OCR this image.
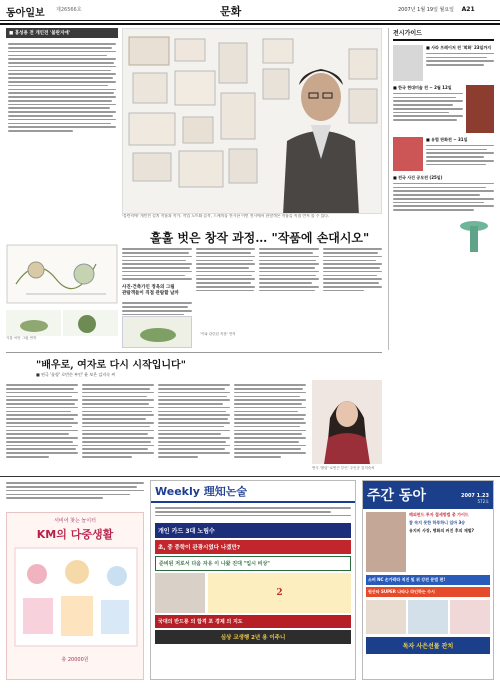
동아일보 제26566호	문화	2007년 1월 19일 월요일 A21
■ 홍성용 전 개인전 '불란지애'
'불란지애' 개인전 설치 작품과 작가. 작업 노트와 습작, 스케치를 전시한 이번 전시에서 관람객은 작품을 직접 만져 볼 수 있다.
훌훌 벗은 창작 과정… "작품에 손대시오"
식물 씨앗 그림 연작
사진·건축가인 정욱의 그림
관람객들이 직접 관람할 날까
'이와 관련된 작품' 연작
전시가이드
■ 사라 프레이저 전 '회화' 23일까지
■ 한국 현대미술 전 ~ 2월 12일
■ 유럽 판화전 ~ 31일
■ 전국 사진 공모전 (25일)
"배우로, 여자로 다시 시작입니다"
■ 연극 '롤링' 로빈슨 부인' 윤 보은 김지숙 씨
연극 '롤링' 로빈슨 부인' 주인공 김지숙씨
서비어 찾는 놀이터
KM의 다중생활
총 20000원
Weekly 理知논술
개인 카드 3대 노림수
초, 중 중학이 관광시였다 나겠만?
준비된 저로서 다음 자유 이 나왔 진대 "입시 비상"
2
국대의 반드릉 의 합격 포 경제 의 지도
심상 교생행 2년 용 이주니
주간 동아	2007 1.23
572호
해외펀드 투자 절세방법 총 가이드
참 속지 못한 하루하니 입마 3승
유지비 사장, 명화의 커진 후의 재벌?
소비 NC 손가락라 직진 및 위 강전 문법 편!
원산타 SUPER 나타나 라인하는 수시
독자 사은선물 잔치
